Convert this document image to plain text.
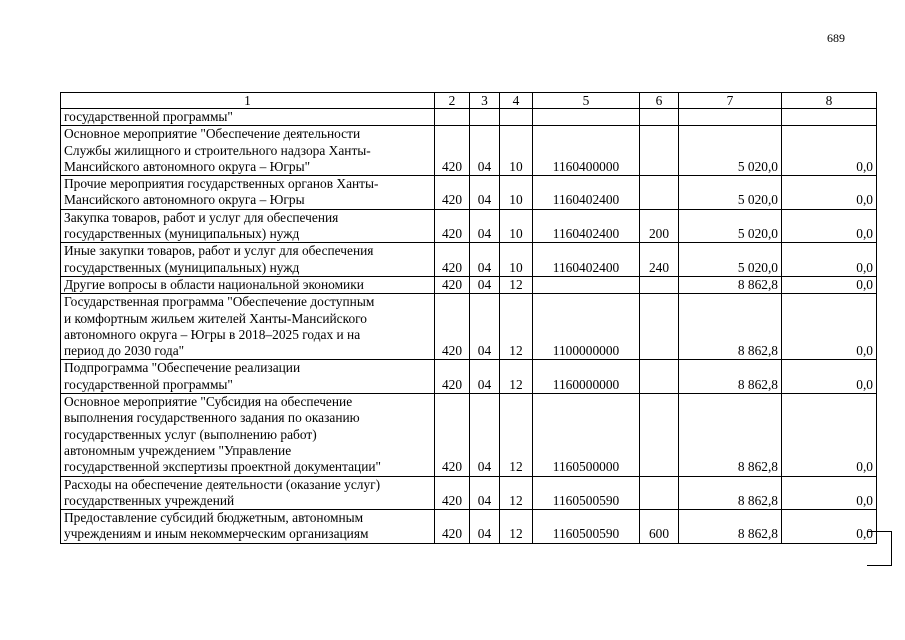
689
1	2	3	4	5	6	7	8

государственной программы"							

Основное мероприятие "Обеспечение деятельности
Службы жилищного и строительного надзора Ханты-
Мансийского автономного округа – Югры"	420	04	10	1160400000		5 020,0	0,0

Прочие мероприятия государственных органов Ханты-
Мансийского автономного округа – Югры	420	04	10	1160402400		5 020,0	0,0

Закупка товаров, работ и услуг для обеспечения
государственных (муниципальных) нужд	420	04	10	1160402400	200	5 020,0	0,0

Иные закупки товаров, работ и услуг для обеспечения
государственных (муниципальных) нужд	420	04	10	1160402400	240	5 020,0	0,0

Другие вопросы в области национальной экономики	420	04	12			8 862,8	0,0

Государственная программа "Обеспечение доступным
и комфортным жильем жителей Ханты-Мансийского
автономного округа – Югры в 2018–2025 годах и на
период до 2030 года"	420	04	12	1100000000		8 862,8	0,0

Подпрограмма "Обеспечение реализации
государственной программы"	420	04	12	1160000000		8 862,8	0,0

Основное мероприятие "Субсидия на обеспечение
выполнения государственного задания по оказанию
государственных услуг (выполнению работ)
автономным учреждением "Управление
государственной экспертизы проектной документации"	420	04	12	1160500000		8 862,8	0,0

Расходы на обеспечение деятельности (оказание услуг)
государственных учреждений	420	04	12	1160500590		8 862,8	0,0

Предоставление субсидий бюджетным, автономным
учреждениям и иным некоммерческим организациям	420	04	12	1160500590	600	8 862,8	0,0
